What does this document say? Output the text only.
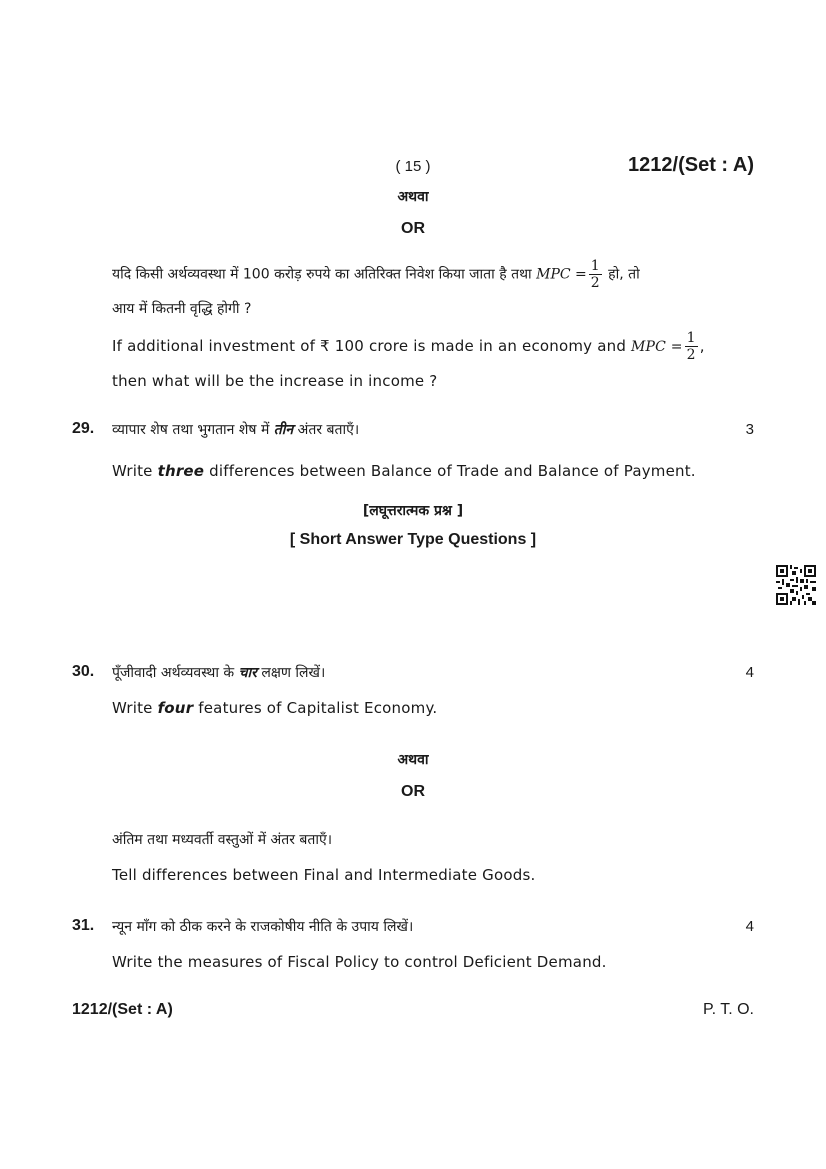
( 15 )	1212/(Set : A)
अथवा
OR
यदि किसी अर्थव्यवस्था में 100 करोड़ रुपये का अतिरिक्त निवेश किया जाता है तथा MPC = $\frac{1}{2}$ हो, तो
आय में कितनी वृद्धि होगी ?
If additional investment of ₹ 100 crore is made in an economy and MPC = $\frac{1}{2}$ ,
then what will be the increase in income ?
29. व्यापार शेष तथा भुगतान शेष में तीन अंतर बताएँ।	3
Write three differences between Balance of Trade and Balance of Payment.
[लघूत्तरात्मक प्रश्न ]
[ Short Answer Type Questions ]
30. पूँजीवादी अर्थव्यवस्था के चार लक्षण लिखें।	4
Write four features of Capitalist Economy.
अथवा
OR
अंतिम तथा मध्यवर्ती वस्तुओं में अंतर बताएँ।
Tell differences between Final and Intermediate Goods.
31. न्यून माँग को ठीक करने के राजकोषीय नीति के उपाय लिखें।	4
Write the measures of Fiscal Policy to control Deficient Demand.
1212/(Set : A)	P. T. O.
